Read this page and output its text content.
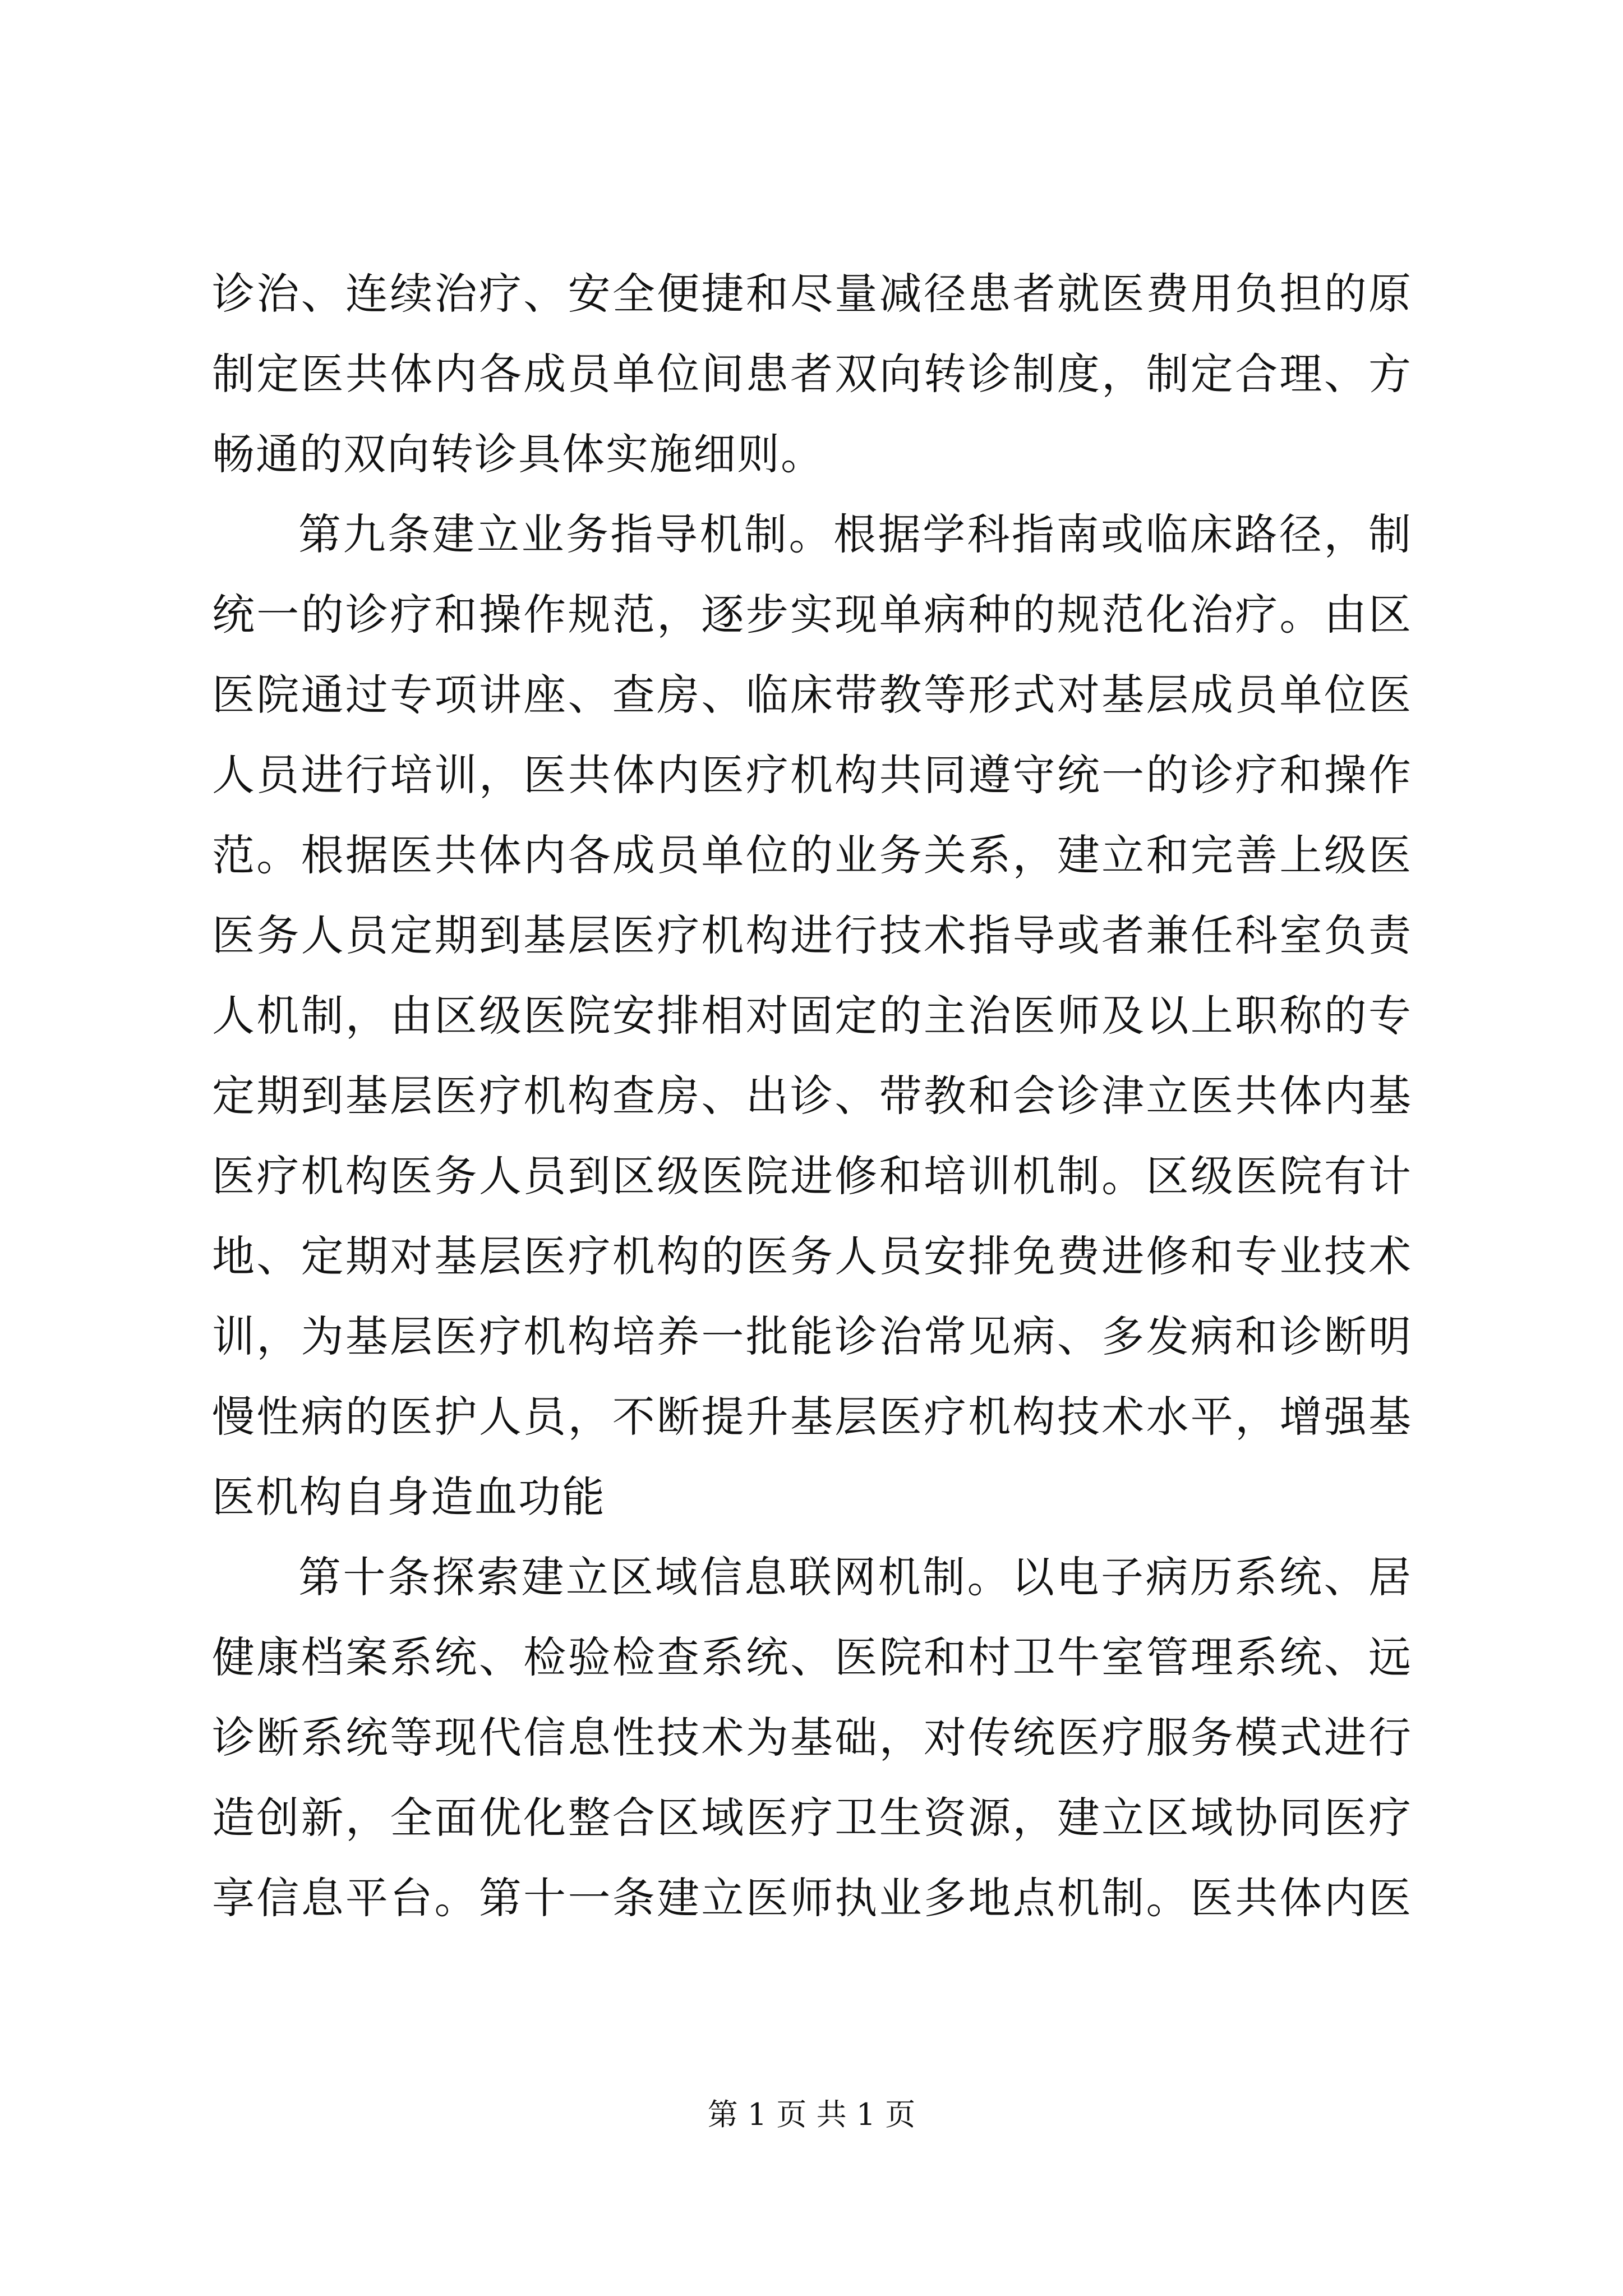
诊治、连续治疗、安全便捷和尽量减径患者就医费用负担的原
制定医共体内各成员单位间患者双向转诊制度，制定合理、方
畅通的双向转诊具体实施细则。
第九条建立业务指导机制。根据学科指南或临床路径，制
统一的诊疗和操作规范，逐步实现单病种的规范化治疗。由区
医院通过专项讲座、查房、临床带教等形式对基层成员单位医
人员进行培训，医共体内医疗机构共同遵守统一的诊疗和操作
范。根据医共体内各成员单位的业务关系，建立和完善上级医
医务人员定期到基层医疗机构进行技术指导或者兼任科室负责
人机制，由区级医院安排相对固定的主治医师及以上职称的专
定期到基层医疗机构查房、出诊、带教和会诊津立医共体内基
医疗机构医务人员到区级医院进修和培训机制。区级医院有计
地、定期对基层医疗机构的医务人员安排免费进修和专业技术
训，为基层医疗机构培养一批能诊治常见病、多发病和诊断明
慢性病的医护人员，不断提升基层医疗机构技术水平，增强基
医机构自身造血功能
第十条探索建立区域信息联网机制。以电子病历系统、居
健康档案系统、检验检查系统、医院和村卫牛室管理系统、远
诊断系统等现代信息性技术为基础，对传统医疗服务模式进行
造创新，全面优化整合区域医疗卫生资源，建立区域协同医疗
享信息平台。第十一条建立医师执业多地点机制。医共体内医
第 1 页 共 1 页
